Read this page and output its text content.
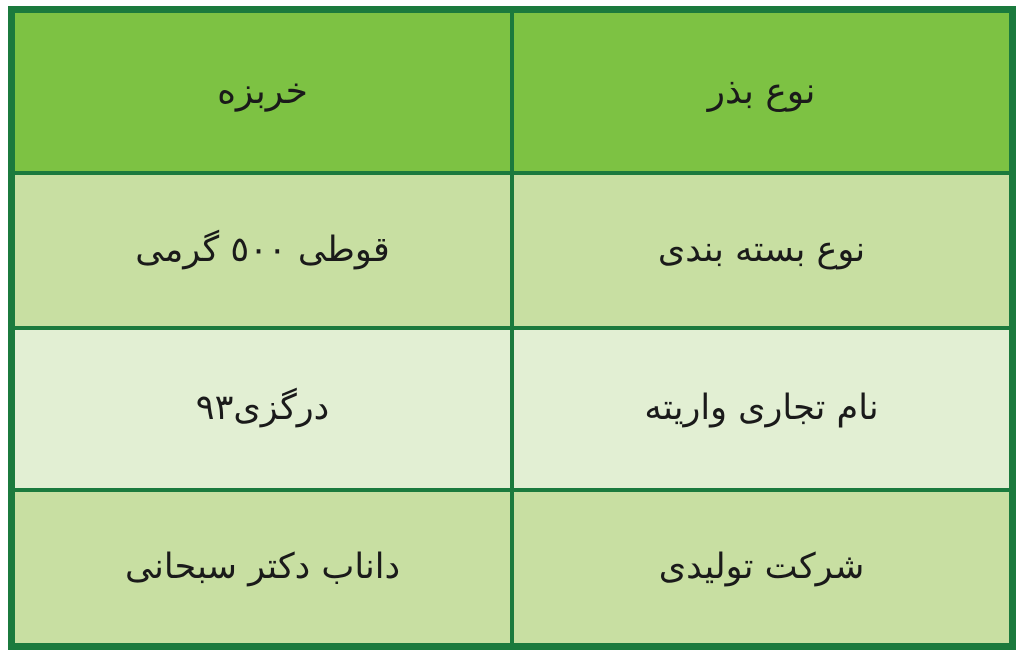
نوع بذر	خربزه

نوع بسته بندی	قوطی ٥٠٠ گرمی

نام تجاری واریته	درگزی٩٣

شرکت تولیدی	داناب دکتر سبحانی
